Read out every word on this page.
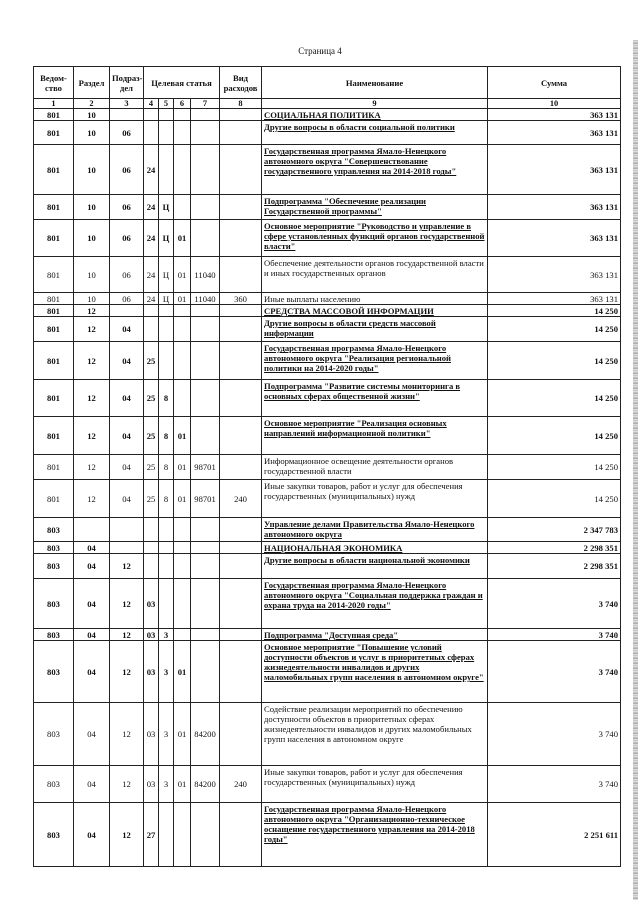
Страница 4
Ведом-ство	Раздел	Подраз-дел	Целевая статья				Вид расходов	Наименование	Сумма
1	2	3	4	5	6	7	8	9	10
801	10							СОЦИАЛЬНАЯ ПОЛИТИКА	363 131
801	10	06						Другие вопросы в области социальной политики	363 131
801	10	06	24					Государственная программа Ямало-Ненецкого автономного округа "Совершенствование государственного управления на 2014-2018 годы"	363 131
801	10	06	24	Ц				Подпрограмма "Обеспечение реализации Государственной программы"	363 131
801	10	06	24	Ц	01			Основное мероприятие "Руководство и управление в сфере установленных функций органов государственной власти"	363 131
801	10	06	24	Ц	01	11040		Обеспечение деятельности органов государственной власти и иных государственных органов	363 131
801	10	06	24	Ц	01	11040	360	Иные выплаты населению	363 131
801	12							СРЕДСТВА МАССОВОЙ ИНФОРМАЦИИ	14 250
801	12	04						Другие вопросы в области средств массовой информации	14 250
801	12	04	25					Государственная программа Ямало-Ненецкого автономного округа "Реализация региональной политики на 2014-2020 годы"	14 250
801	12	04	25	8				Подпрограмма "Развитие системы мониторинга в основных сферах общественной жизни"	14 250
801	12	04	25	8	01			Основное мероприятие "Реализация основных направлений информационной политики"	14 250
801	12	04	25	8	01	98701		Информационное освещение деятельности органов государственной власти	14 250
801	12	04	25	8	01	98701	240	Иные закупки товаров, работ и услуг для обеспечения государственных (муниципальных) нужд	14 250
803								Управление делами Правительства Ямало-Ненецкого автономного округа	2 347 783
803	04							НАЦИОНАЛЬНАЯ ЭКОНОМИКА	2 298 351
803	04	12						Другие вопросы в области национальной экономики	2 298 351
803	04	12	03					Государственная программа Ямало-Ненецкого автономного округа "Социальная поддержка граждан и охрана труда на 2014-2020 годы"	3 740
803	04	12	03	3				Подпрограмма "Доступная среда"	3 740
803	04	12	03	3	01			Основное мероприятие "Повышение условий доступности объектов и услуг в приоритетных сферах жизнедеятельности инвалидов и других маломобильных групп населения в автономном округе"	3 740
803	04	12	03	3	01	84200		Содействие реализации мероприятий по обеспечению доступности объектов в приоритетных сферах жизнедеятельности инвалидов и других маломобильных групп населения в автономном округе	3 740
803	04	12	03	3	01	84200	240	Иные закупки товаров, работ и услуг для обеспечения государственных (муниципальных) нужд	3 740
803	04	12	27					Государственная программа Ямало-Ненецкого автономного округа "Организационно-техническое оснащение государственного управления на 2014-2018 годы"	2 251 611
